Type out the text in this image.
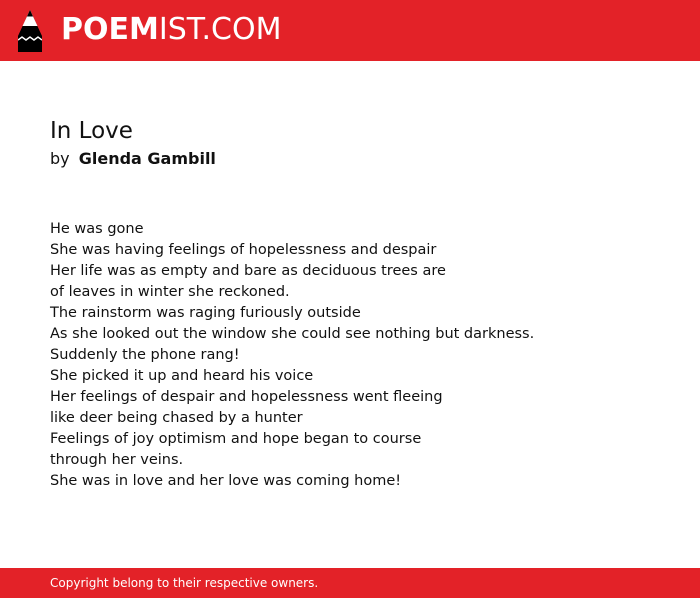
POEMIST.COM
In Love
by Glenda Gambill
He was gone
She was having feelings of hopelessness and despair
Her life was as empty and bare as deciduous trees are
of leaves in winter she reckoned.
The rainstorm was raging furiously outside
As she looked out the window she could see nothing but darkness.
Suddenly the phone rang!
She picked it up and heard his voice
Her feelings of despair and hopelessness went fleeing
like deer being chased by a hunter
Feelings of joy optimism and hope began to course
through her veins.
She was in love and her love was coming home!
Copyright belong to their respective owners.
